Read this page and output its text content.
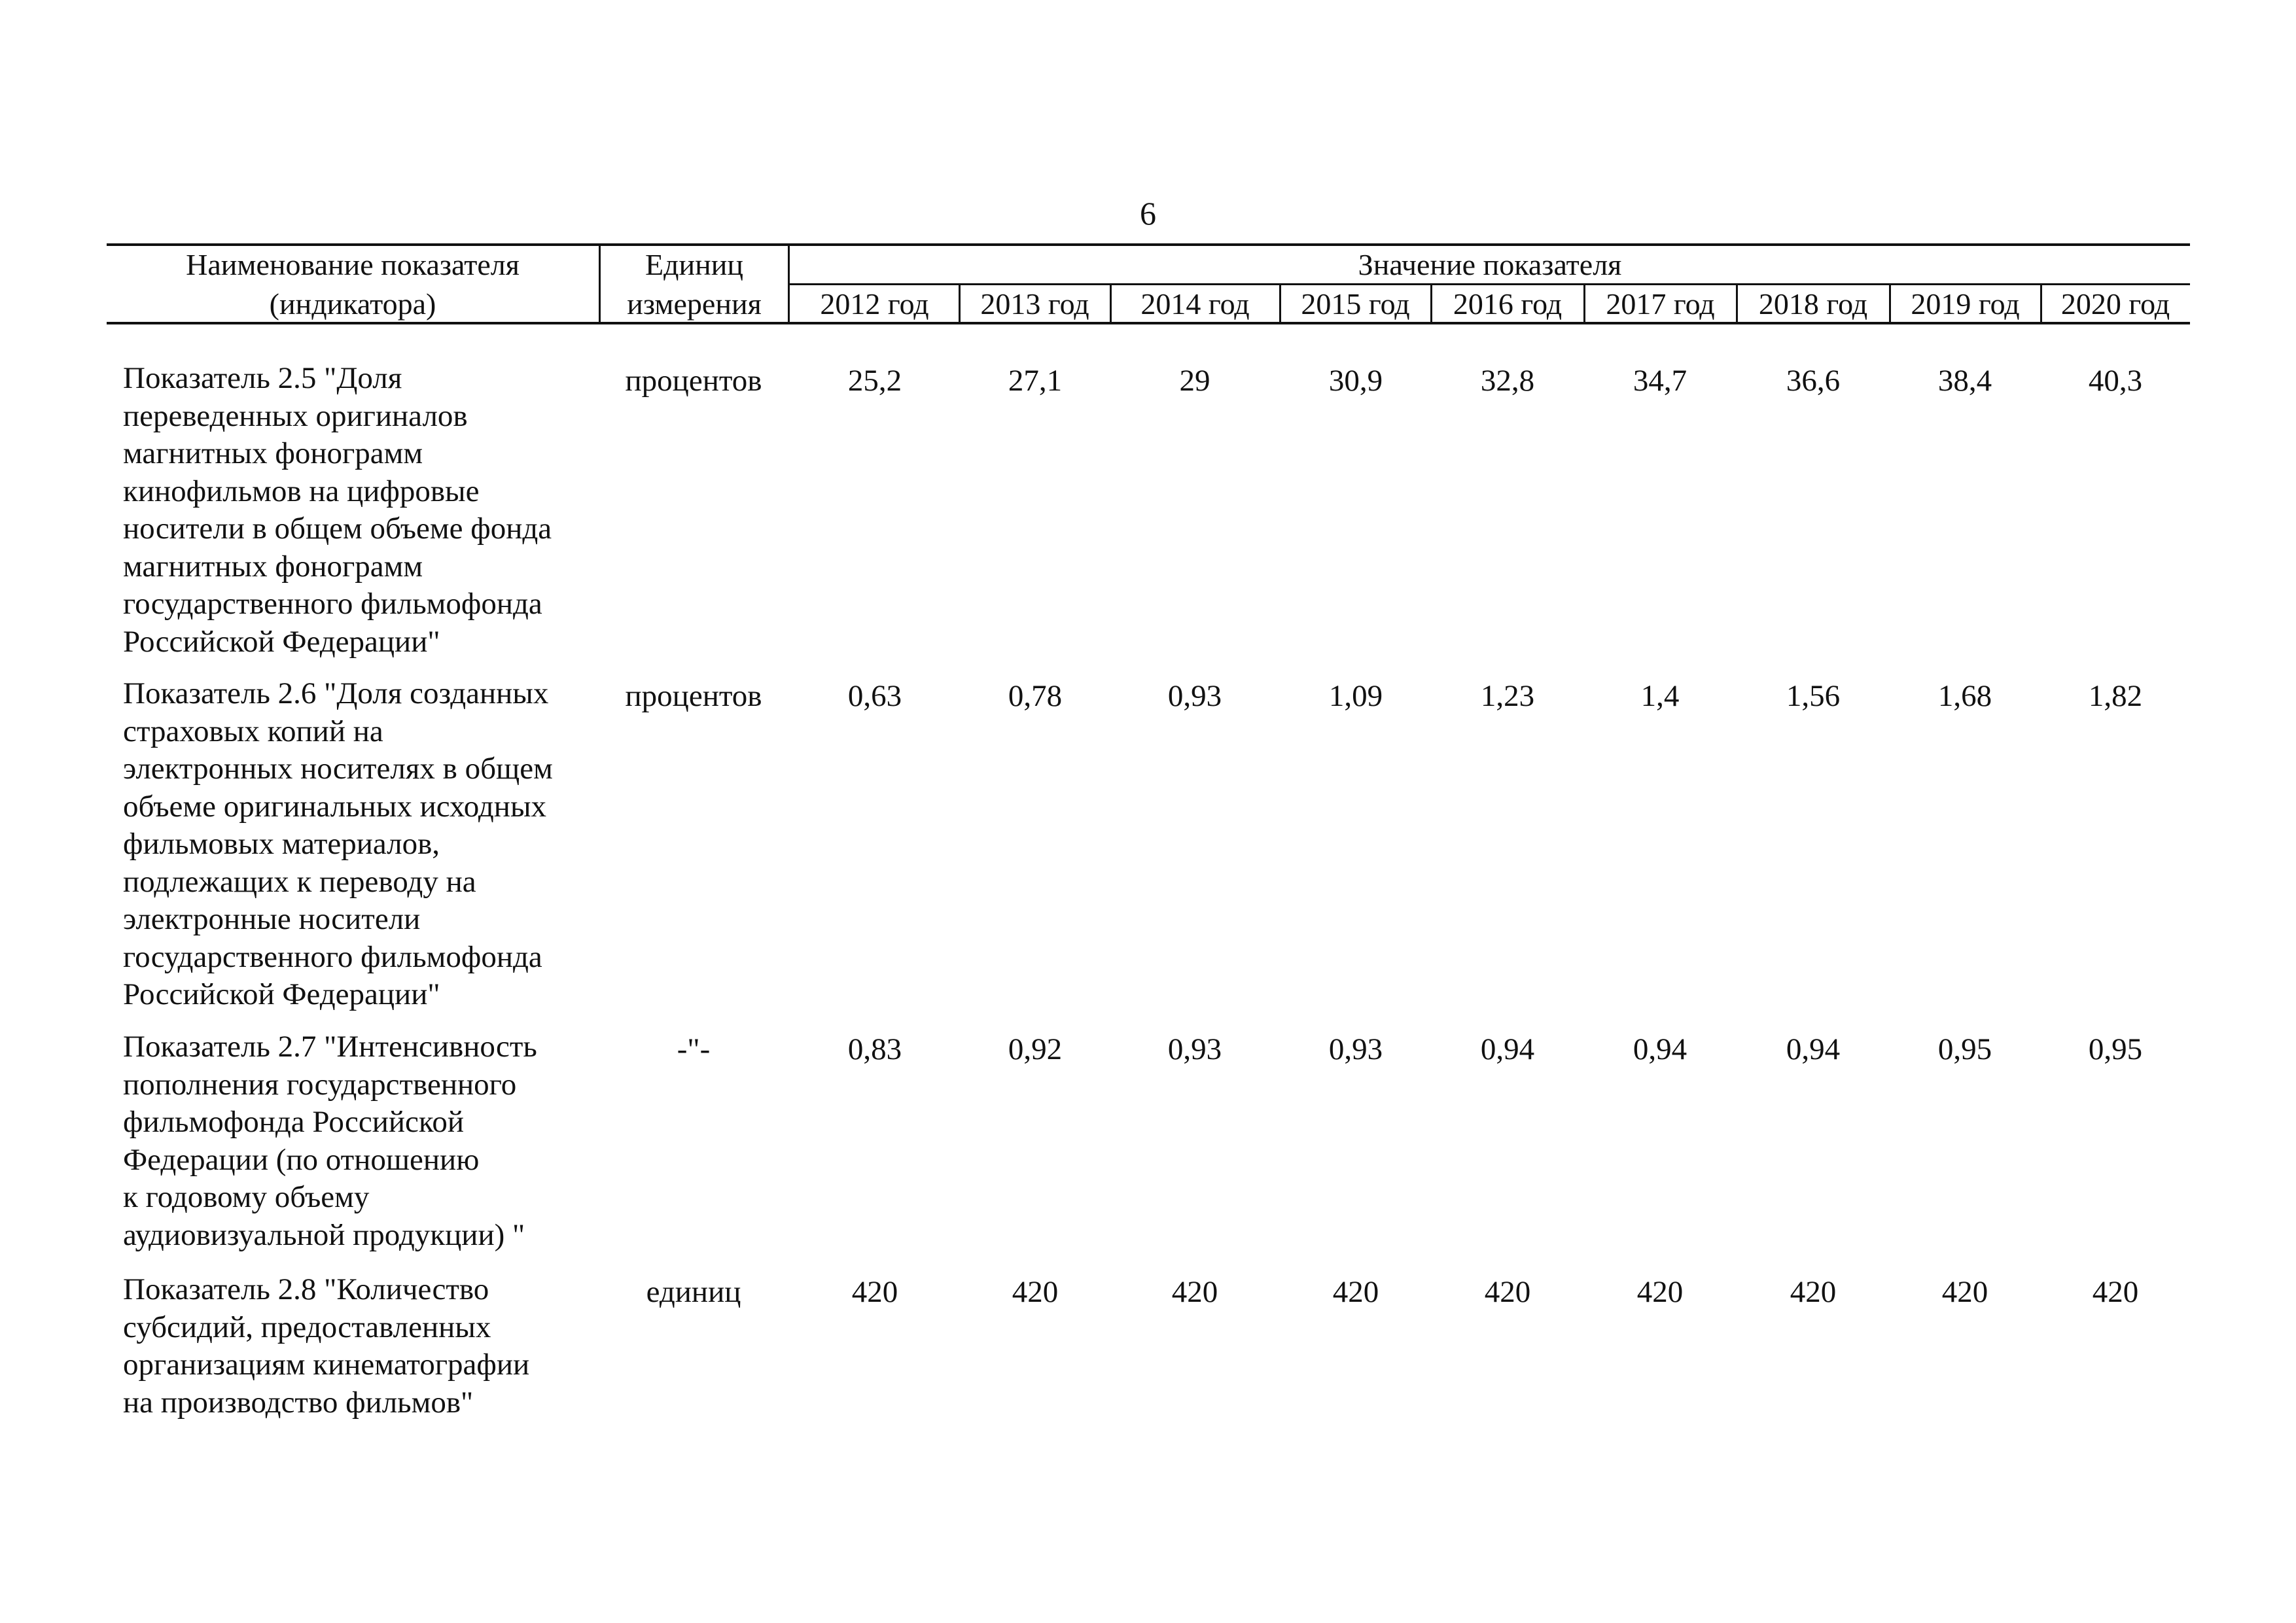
6
Наименование показателя
(индикатора)
Единиц
измерения
Значение показателя
2012 год	2013 год	2014 год	2015 год	2016 год	2017 год	2018 год	2019 год	2020 год
Показатель 2.5 "Доля
переведенных оригиналов
магнитных фонограмм
кинофильмов на цифровые
носители в общем объеме фонда
магнитных фонограмм
государственного фильмофонда
Российской Федерации"
процентов	25,2	27,1	29	30,9	32,8	34,7	36,6	38,4	40,3
Показатель 2.6 "Доля созданных
страховых копий на
электронных носителях в общем
объеме оригинальных исходных
фильмовых материалов,
подлежащих к переводу на
электронные носители
государственного фильмофонда
Российской Федерации"
процентов	0,63	0,78	0,93	1,09	1,23	1,4	1,56	1,68	1,82
Показатель 2.7 "Интенсивность
пополнения государственного
фильмофонда Российской
Федерации (по отношению
к годовому объему
аудиовизуальной продукции) "
-"-	0,83	0,92	0,93	0,93	0,94	0,94	0,94	0,95	0,95
Показатель 2.8 "Количество
субсидий, предоставленных
организациям кинематографии
на производство фильмов"
единиц	420	420	420	420	420	420	420	420	420
